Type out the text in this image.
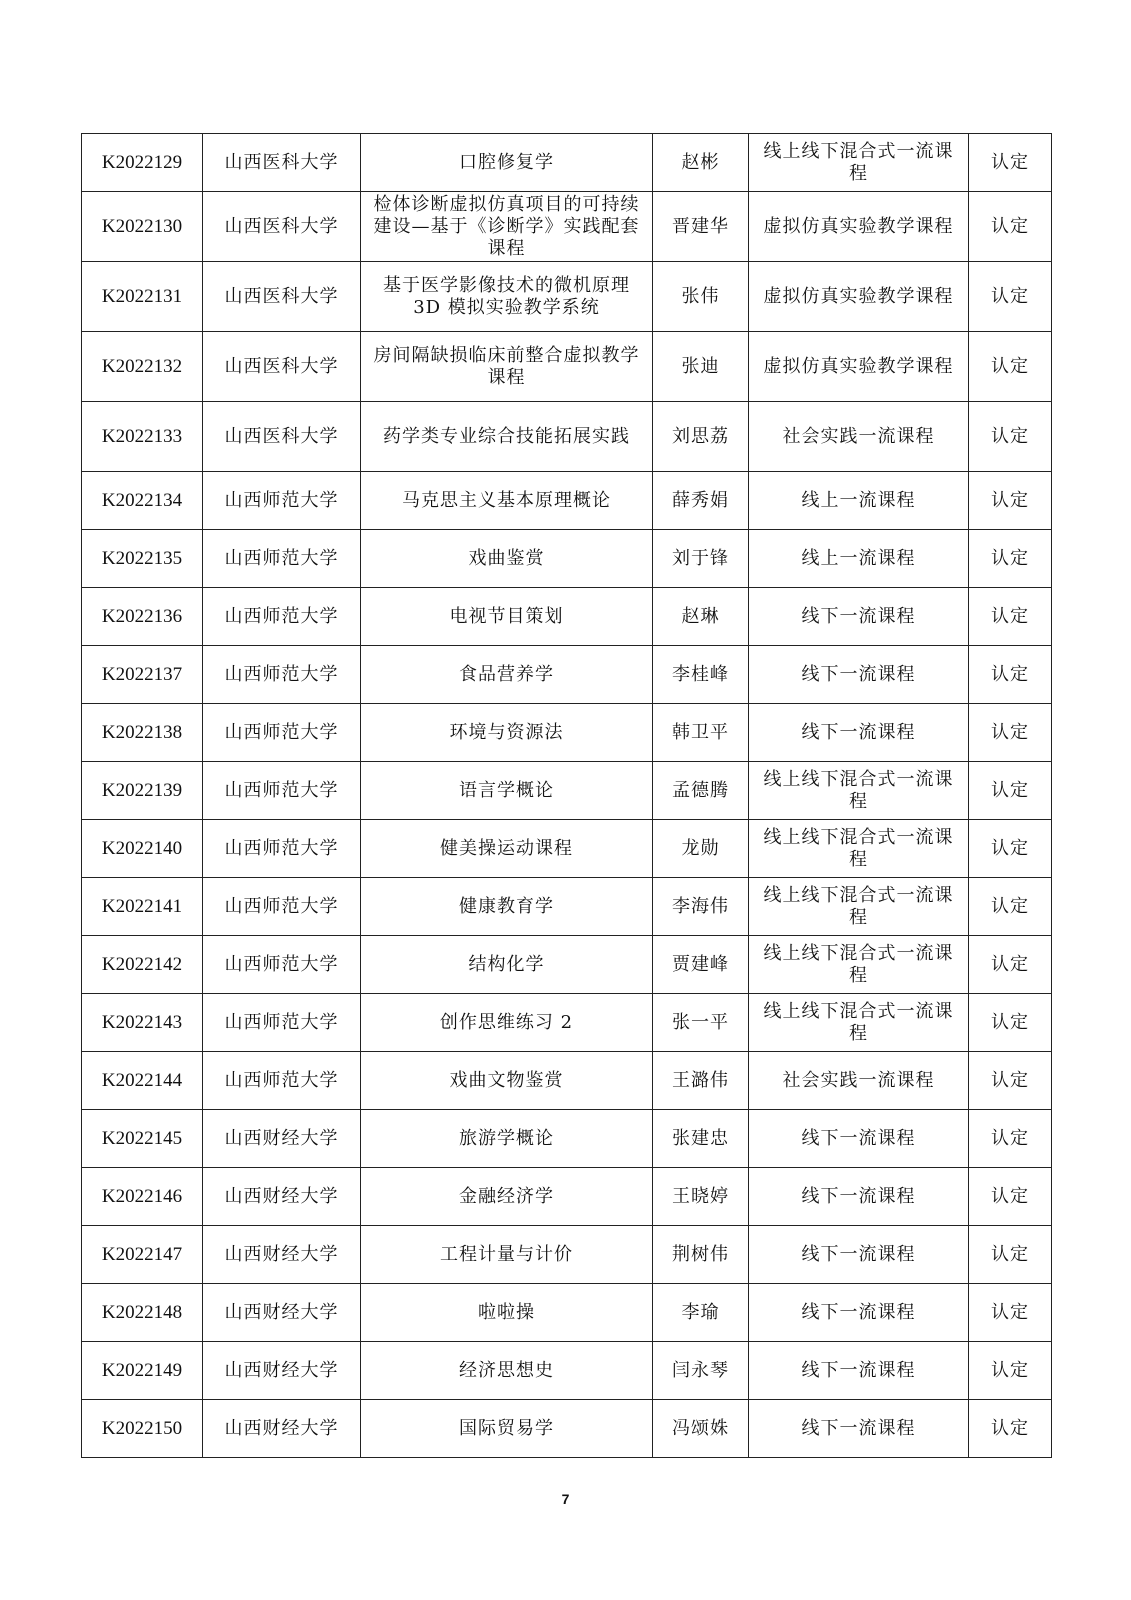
K2022129	山西医科大学	口腔修复学	赵彬	线上线下混合式一流课程	认定
K2022130	山西医科大学	检体诊断虚拟仿真项目的可持续建设—基于《诊断学》实践配套课程	晋建华	虚拟仿真实验教学课程	认定
K2022131	山西医科大学	基于医学影像技术的微机原理 3D 模拟实验教学系统	张伟	虚拟仿真实验教学课程	认定
K2022132	山西医科大学	房间隔缺损临床前整合虚拟教学课程	张迪	虚拟仿真实验教学课程	认定
K2022133	山西医科大学	药学类专业综合技能拓展实践	刘思荔	社会实践一流课程	认定
K2022134	山西师范大学	马克思主义基本原理概论	薛秀娟	线上一流课程	认定
K2022135	山西师范大学	戏曲鉴赏	刘于锋	线上一流课程	认定
K2022136	山西师范大学	电视节目策划	赵琳	线下一流课程	认定
K2022137	山西师范大学	食品营养学	李桂峰	线下一流课程	认定
K2022138	山西师范大学	环境与资源法	韩卫平	线下一流课程	认定
K2022139	山西师范大学	语言学概论	孟德腾	线上线下混合式一流课程	认定
K2022140	山西师范大学	健美操运动课程	龙勋	线上线下混合式一流课程	认定
K2022141	山西师范大学	健康教育学	李海伟	线上线下混合式一流课程	认定
K2022142	山西师范大学	结构化学	贾建峰	线上线下混合式一流课程	认定
K2022143	山西师范大学	创作思维练习 2	张一平	线上线下混合式一流课程	认定
K2022144	山西师范大学	戏曲文物鉴赏	王潞伟	社会实践一流课程	认定
K2022145	山西财经大学	旅游学概论	张建忠	线下一流课程	认定
K2022146	山西财经大学	金融经济学	王晓婷	线下一流课程	认定
K2022147	山西财经大学	工程计量与计价	荆树伟	线下一流课程	认定
K2022148	山西财经大学	啦啦操	李瑜	线下一流课程	认定
K2022149	山西财经大学	经济思想史	闫永琴	线下一流课程	认定
K2022150	山西财经大学	国际贸易学	冯颂姝	线下一流课程	认定
7
